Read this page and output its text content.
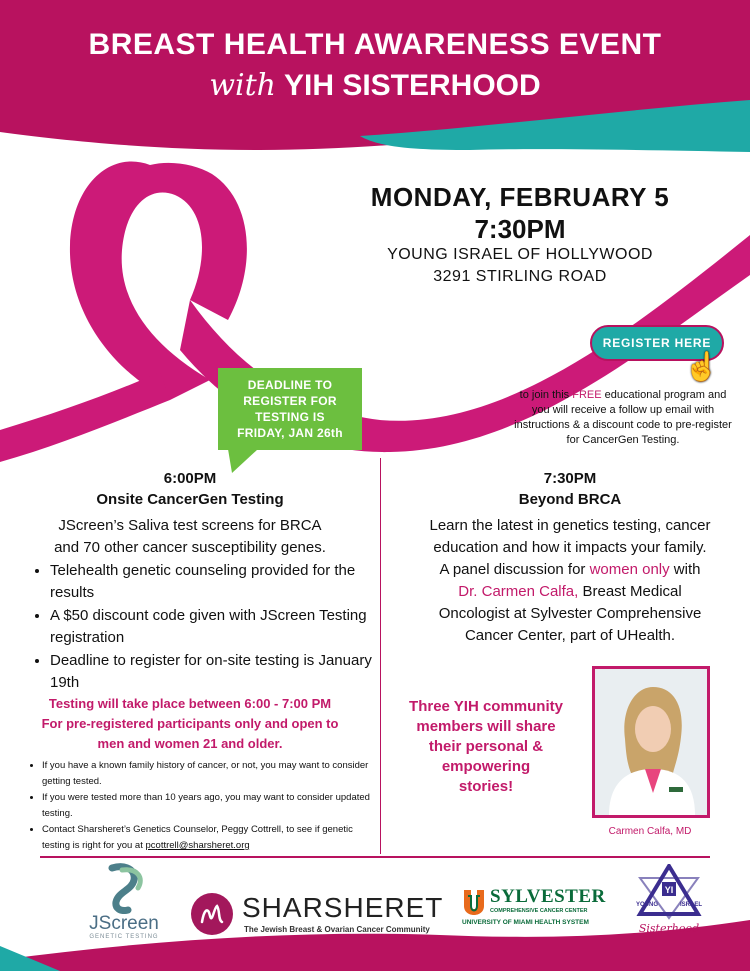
BREAST HEALTH AWARENESS EVENT
with YIH SISTERHOOD
MONDAY, FEBRUARY 5
7:30PM
YOUNG ISRAEL OF HOLLYWOOD
3291 STIRLING ROAD
REGISTER HERE
☝
to join this FREE educational program and you will receive a follow up email with instructions & a discount code to pre-register for CancerGen Testing.
DEADLINE TO
REGISTER FOR
TESTING IS
FRIDAY, JAN 26th
6:00PM
Onsite CancerGen Testing
JScreen’s Saliva test screens for BRCA
and 70 other cancer susceptibility genes.
• Telehealth genetic counseling provided for the results
• A $50 discount code given with JScreen Testing registration
• Deadline to register for on-site testing is January 19th
Testing will take place between 6:00 - 7:00 PM
For pre-registered participants only and open to
men and women 21 and older.
• If you have a known family history of cancer, or not, you may want to consider getting tested.
• If you were tested more than 10 years ago, you may want to consider updated testing.
• Contact Sharsheret’s Genetics Counselor, Peggy Cottrell, to see if genetic testing is right for you at pcottrell@sharsheret.org
7:30PM
Beyond BRCA
Learn the latest in genetics testing, cancer
education and how it impacts your family.
A panel discussion for women only with
Dr. Carmen Calfa, Breast Medical
Oncologist at Sylvester Comprehensive
Cancer Center, part of UHealth.
Three YIH community
members will share
their personal &
empowering
stories!
Carmen Calfa, MD
JScreen
GENETIC TESTING
SHARSHERET
The Jewish Breast & Ovarian Cancer Community
SYLVESTER
COMPREHENSIVE CANCER CENTER
UNIVERSITY OF MIAMI HEALTH SYSTEM
YI
YOUNG	ISRAEL
Sisterhood
